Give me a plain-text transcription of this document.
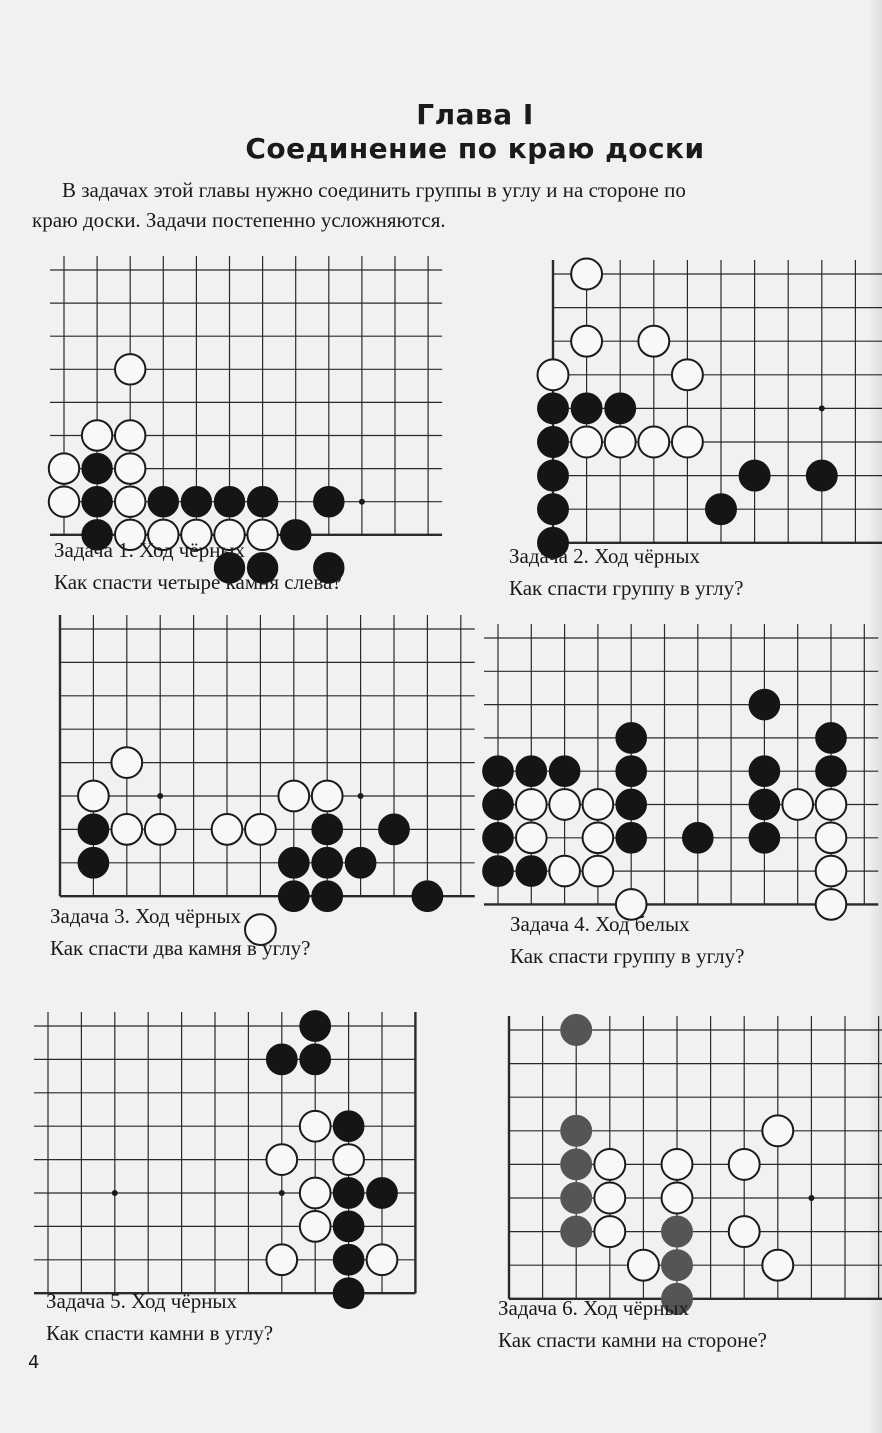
Глава I
Соединение по краю доски
В задачах этой главы нужно соединить группы в углу и на стороне по
краю доски. Задачи постепенно усложняются.
Задача 1. Ход чёрных
Как спасти четыре камня слева?
Задача 2. Ход чёрных
Как спасти группу в углу?
Задача 3. Ход чёрных
Как спасти два камня в углу?
Задача 4. Ход белых
Как спасти группу в углу?
Задача 5. Ход чёрных
Как спасти камни в углу?
Задача 6. Ход чёрных
Как спасти камни на стороне?
4
